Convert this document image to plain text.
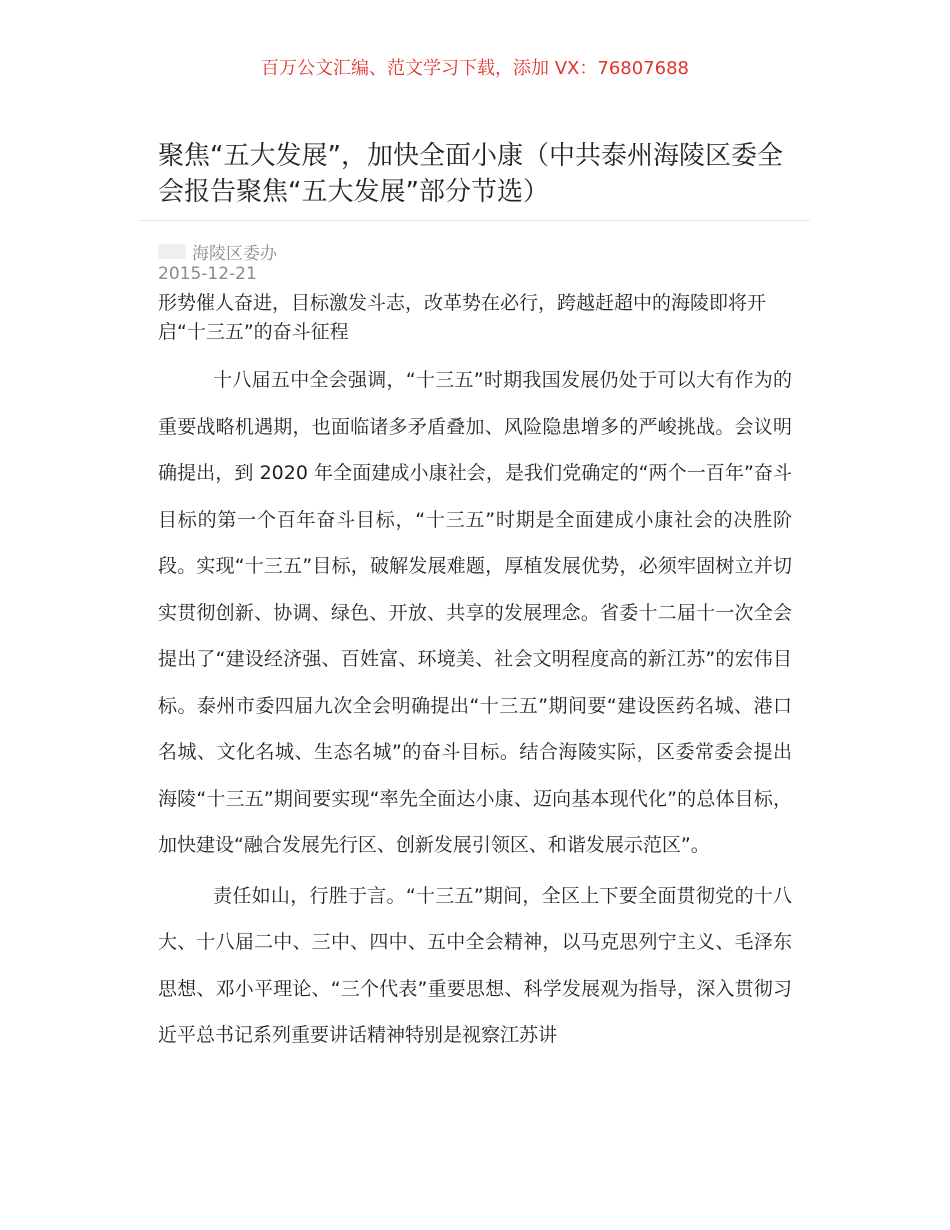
百万公文汇编、范文学习下载，添加 VX：76807688
聚焦“五大发展”，加快全面小康（中共泰州海陵区委全会报告聚焦“五大发展”部分节选）
海陵区委办
2015-12-21

形势催人奋进，目标激发斗志，改革势在必行，跨越赶超中的海陵即将开启“十三五”的奋斗征程

十八届五中全会强调，“十三五”时期我国发展仍处于可以大有作为的重要战略机遇期，也面临诸多矛盾叠加、风险隐患增多的严峻挑战。会议明确提出，到 2020 年全面建成小康社会，是我们党确定的“两个一百年”奋斗目标的第一个百年奋斗目标，“十三五”时期是全面建成小康社会的决胜阶段。实现“十三五”目标，破解发展难题，厚植发展优势，必须牢固树立并切实贯彻创新、协调、绿色、开放、共享的发展理念。省委十二届十一次全会提出了“建设经济强、百姓富、环境美、社会文明程度高的新江苏”的宏伟目标。泰州市委四届九次全会明确提出“十三五”期间要“建设医药名城、港口名城、文化名城、生态名城”的奋斗目标。结合海陵实际，区委常委会提出海陵“十三五”期间要实现“率先全面达小康、迈向基本现代化”的总体目标，加快建设“融合发展先行区、创新发展引领区、和谐发展示范区”。

责任如山，行胜于言。“十三五”期间，全区上下要全面贯彻党的十八大、十八届二中、三中、四中、五中全会精神，以马克思列宁主义、毛泽东思想、邓小平理论、“三个代表”重要思想、科学发展观为指导，深入贯彻习近平总书记系列重要讲话精神特别是视察江苏讲
